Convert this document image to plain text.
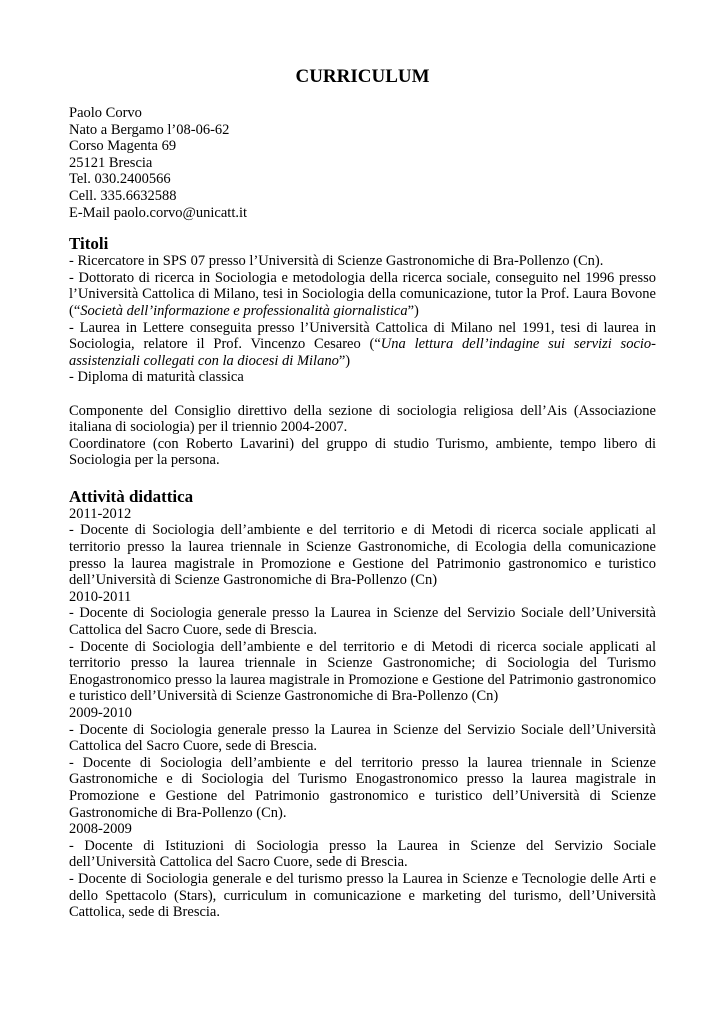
CURRICULUM
Paolo Corvo
Nato a Bergamo l’08-06-62
Corso Magenta 69
25121 Brescia
Tel. 030.2400566
Cell. 335.6632588
E-Mail paolo.corvo@unicatt.it
Titoli

- Ricercatore in SPS 07 presso l’Università di Scienze Gastronomiche di Bra-Pollenzo (Cn).

- Dottorato di ricerca in Sociologia e metodologia della ricerca sociale, conseguito nel 1996 presso l’Università Cattolica di Milano, tesi in Sociologia della comunicazione, tutor la Prof. Laura Bovone (“Società dell’informazione e professionalità giornalistica”)

- Laurea in Lettere conseguita presso l’Università Cattolica di Milano nel 1991, tesi di laurea in Sociologia, relatore il Prof. Vincenzo Cesareo (“Una lettura dell’indagine sui servizi socio-assistenziali collegati con la diocesi di Milano”)

- Diploma di maturità classica

Componente del Consiglio direttivo della sezione di sociologia religiosa dell’Ais (Associazione italiana di sociologia) per il triennio 2004-2007.

Coordinatore (con Roberto Lavarini) del gruppo di studio Turismo, ambiente, tempo libero di Sociologia per la persona.

Attività didattica

2011-2012

- Docente di Sociologia dell’ambiente e del territorio e di Metodi di ricerca sociale applicati al territorio presso la laurea triennale in Scienze Gastronomiche, di Ecologia della comunicazione presso la laurea magistrale in Promozione e Gestione del Patrimonio gastronomico e turistico dell’Università di Scienze Gastronomiche di Bra-Pollenzo (Cn)

2010-2011

- Docente di Sociologia generale presso la Laurea in Scienze del Servizio Sociale dell’Università Cattolica del Sacro Cuore, sede di Brescia.

- Docente di Sociologia dell’ambiente e del territorio e di Metodi di ricerca sociale applicati al territorio presso la laurea triennale in Scienze Gastronomiche; di Sociologia del Turismo Enogastronomico presso la laurea magistrale in Promozione e Gestione del Patrimonio gastronomico e turistico dell’Università di Scienze Gastronomiche di Bra-Pollenzo (Cn)

2009-2010

- Docente di Sociologia generale presso la Laurea in Scienze del Servizio Sociale dell’Università Cattolica del Sacro Cuore, sede di Brescia.

- Docente di Sociologia dell’ambiente e del territorio presso la laurea triennale in Scienze Gastronomiche e di Sociologia del Turismo Enogastronomico presso la laurea magistrale in Promozione e Gestione del Patrimonio gastronomico e turistico dell’Università di Scienze Gastronomiche di Bra-Pollenzo (Cn).

2008-2009

- Docente di Istituzioni di Sociologia presso la Laurea in Scienze del Servizio Sociale dell’Università Cattolica del Sacro Cuore, sede di Brescia.

- Docente di Sociologia generale e del turismo presso la Laurea in Scienze e Tecnologie delle Arti e dello Spettacolo (Stars), curriculum in comunicazione e marketing del turismo, dell’Università Cattolica, sede di Brescia.
